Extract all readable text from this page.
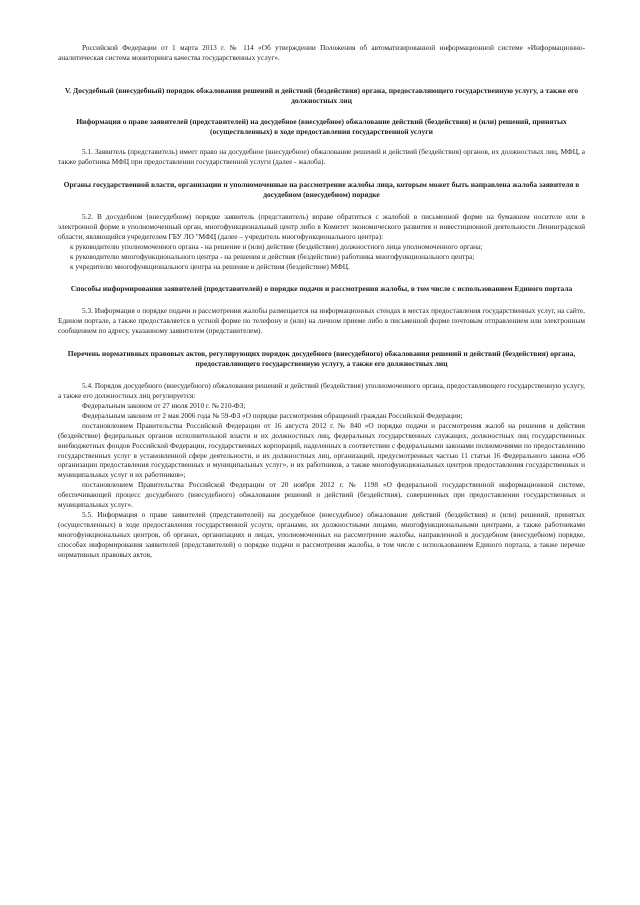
Российской Федерации от 1 марта 2013 г. № 114 «Об утверждении Положения об автоматизированной информационной системе «Информационно-аналитическая система мониторинга качества государственных услуг».

V. Досудебный (внесудебный) порядок обжалования решений и действий (бездействия) органа, предоставляющего государственную услугу, а также его должностных лиц

Информация о праве заявителей (представителей) на досудебное (внесудебное) обжалование действий (бездействия) и (или) решений, принятых (осуществленных) в ходе предоставления государственной услуги

5.1. Заявитель (представитель) имеет право на досудебное (внесудебное) обжалование решений и действий (бездействия) органов, их должностных лиц, МФЦ, а также работника МФЦ при предоставлении государственной услуги (далее - жалоба).

Органы государственной власти, организации и уполномоченные на рассмотрение жалобы лица, которым может быть направлена жалоба заявителя в досудебном (внесудебном) порядке

5.2. В досудебном (внесудебном) порядке заявитель (представитель) вправе обратиться с жалобой в письменной форме на бумажном носителе или в электронной форме в уполномоченный орган, многофункциональный центр либо в Комитет экономического развития и инвестиционной деятельности Ленинградской области, являющийся учредителем ГБУ ЛО "МФЦ (далее – учредитель многофункционального центра):

к руководителю уполномоченного органа - на решение и (или) действие (бездействие) должностного лица уполномоченного органа;

к руководителю многофункционального центра - на решения и действия (бездействие) работника многофункционального центра;

к учредителю многофункционального центра на решение и действия (бездействие) МФЦ.

Способы информирования заявителей (представителей) о порядке подачи и рассмотрения жалобы, в том числе с использованием Единого портала

5.3. Информация о порядке подачи и рассмотрения жалобы размещается на информационных стендах в местах предоставления государственных услуг, на сайте, Едином портале, а также предоставляется в устной форме по телефону и (или) на личном приеме либо в письменной форме почтовым отправлением или электронным сообщением по адресу, указанному заявителем (представителем).

Перечень нормативных правовых актов, регулирующих порядок досудебного (внесудебного) обжалования решений и действий (бездействия) органа, предоставляющего государственную услугу, а также его должностных лиц

5.4. Порядок досудебного (внесудебного) обжалования решений и действий (бездействия) уполномоченного органа, предоставляющего государственную услугу, а также его должностных лиц регулируется:

Федеральным законом от 27 июля 2010 г. № 210-ФЗ;

Федеральным законом от 2 мая 2006 года № 59-ФЗ «О порядке рассмотрения обращений граждан Российской Федерации;

постановлением Правительства Российской Федерации от 16 августа 2012 г. № 840 «О порядке подачи и рассмотрения жалоб на решения и действия (бездействие) федеральных органов исполнительной власти и их должностных лиц, федеральных государственных служащих, должностных лиц государственных внебюджетных фондов Российской Федерации, государственных корпораций, наделенных в соответствии с федеральными законами полномочиями по предоставлению государственных услуг в установленной сфере деятельности, и их должностных лиц, организаций, предусмотренных частью 11 статьи 16 Федерального закона «Об организации предоставления государственных и муниципальных услуг», и их работников, а также многофункциональных центров предоставления государственных и муниципальных услуг и их работников»;

постановлением Правительства Российской Федерации от 20 ноября 2012 г. № 1198 «О федеральной государственной информационной системе, обеспечивающей процесс досудебного (внесудебного) обжалования решений и действий (бездействия), совершенных при предоставлении государственных и муниципальных услуг».

5.5. Информация о праве заявителей (представителей) на досудебное (внесудебное) обжалование действий (бездействия) и (или) решений, принятых (осуществленных) в ходе предоставления государственной услуги, органами, их должностными лицами, многофункциональными центрами, а также работниками многофункциональных центров, об органах, организациях и лицах, уполномоченных на рассмотрение жалобы, направленной в досудебном (внесудебном) порядке, способах информирования заявителей (представителей) о порядке подачи и рассмотрения жалобы, в том числе с использованием Единого портала, а также перечне нормативных правовых актов,
